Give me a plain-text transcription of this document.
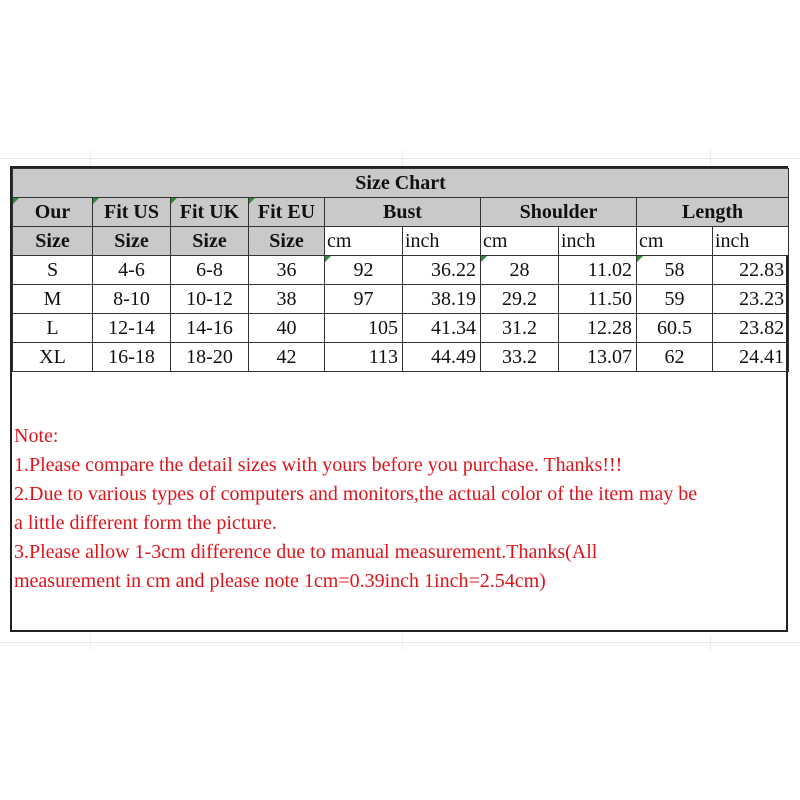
Size Chart									
Our	Fit US	Fit UK	Fit EU	Bust		Shoulder		Length	
Size	Size	Size	Size	cm	inch	cm	inch	cm	inch
S	4-6	6-8	36	92	36.22	28	11.02	58	22.83
M	8-10	10-12	38	97	38.19	29.2	11.50	59	23.23
L	12-14	14-16	40	105	41.34	31.2	12.28	60.5	23.82
XL	16-18	18-20	42	113	44.49	33.2	13.07	62	24.41
Note:
1.Please compare the detail sizes with yours before you purchase. Thanks!!!
2.Due to various types of computers and monitors,the actual color of the item may be
a little different form the picture.
3.Please allow 1-3cm difference due to manual measurement.Thanks(All
measurement in cm and please note 1cm=0.39inch 1inch=2.54cm)
